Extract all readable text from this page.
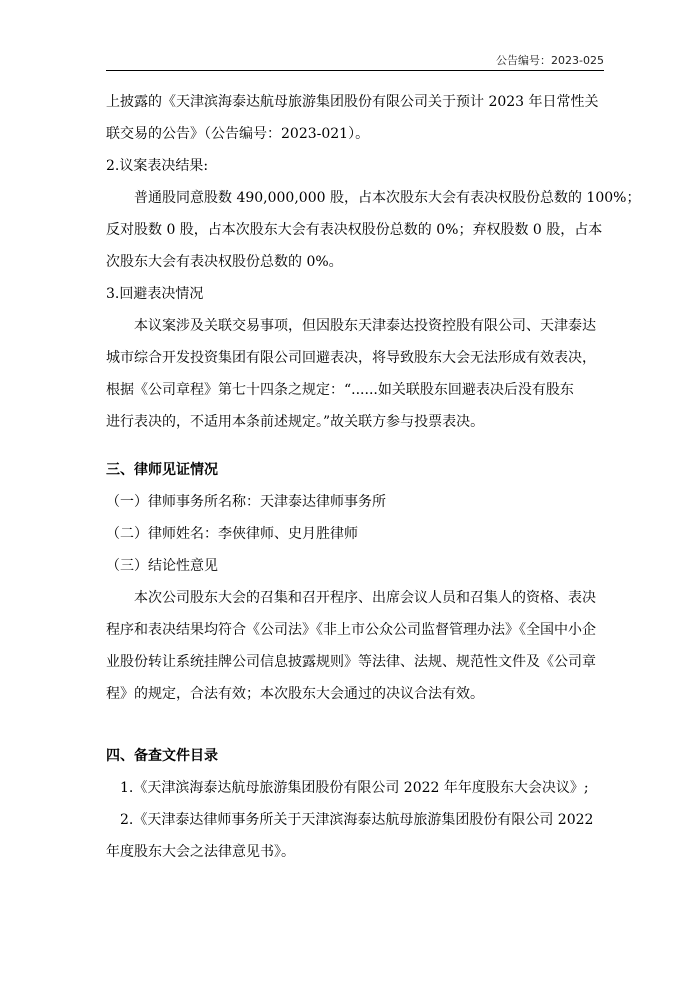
公告编号：2023-025
上披露的《天津滨海泰达航母旅游集团股份有限公司关于预计 2023 年日常性关
联交易的公告》（公告编号：2023-021）。
2.议案表决结果:
普通股同意股数 490,000,000 股，占本次股东大会有表决权股份总数的 100%；
反对股数 0 股，占本次股东大会有表决权股份总数的 0%；弃权股数 0 股，占本
次股东大会有表决权股份总数的 0%。
3.回避表决情况
本议案涉及关联交易事项，但因股东天津泰达投资控股有限公司、天津泰达
城市综合开发投资集团有限公司回避表决，将导致股东大会无法形成有效表决，
根据《公司章程》第七十四条之规定：“......如关联股东回避表决后没有股东
进行表决的，不适用本条前述规定。”故关联方参与投票表决。
三、律师见证情况
（一）律师事务所名称：天津泰达律师事务所
（二）律师姓名：李俠律师、史月胜律师
（三）结论性意见
本次公司股东大会的召集和召开程序、出席会议人员和召集人的资格、表决
程序和表决结果均符合《公司法》《非上市公众公司监督管理办法》《全国中小企
业股份转让系统挂牌公司信息披露规则》等法律、法规、规范性文件及《公司章
程》的规定，合法有效；本次股东大会通过的决议合法有效。
四、备查文件目录
1.《天津滨海泰达航母旅游集团股份有限公司 2022 年年度股东大会决议》;
2.《天津泰达律师事务所关于天津滨海泰达航母旅游集团股份有限公司 2022
年度股东大会之法律意见书》。
